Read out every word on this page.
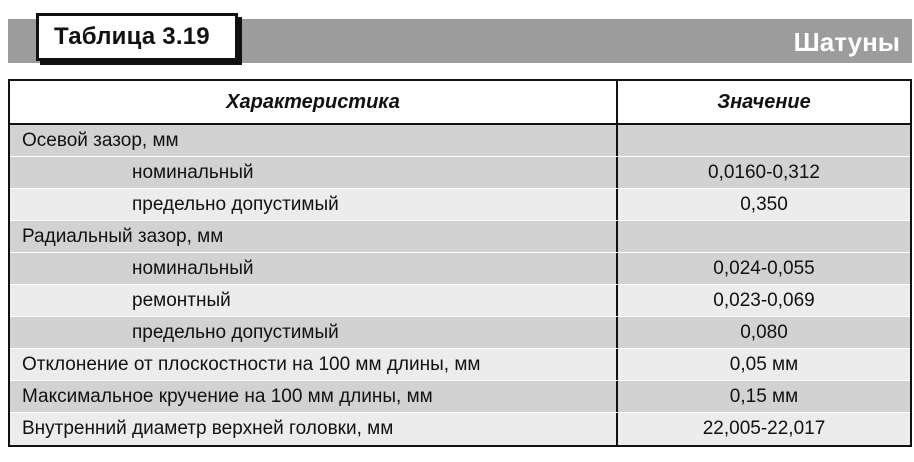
Таблица 3.19	Шатуны
Характеристика	Значение
Осевой зазор, мм
номинальный	0,0160-0,312
предельно допустимый	0,350
Радиальный зазор, мм
номинальный	0,024-0,055
ремонтный	0,023-0,069
предельно допустимый	0,080
Отклонение от плоскостности на 100 мм длины, мм	0,05 мм
Максимальное кручение на 100 мм длины, мм	0,15 мм
Внутренний диаметр верхней головки, мм	22,005-22,017
